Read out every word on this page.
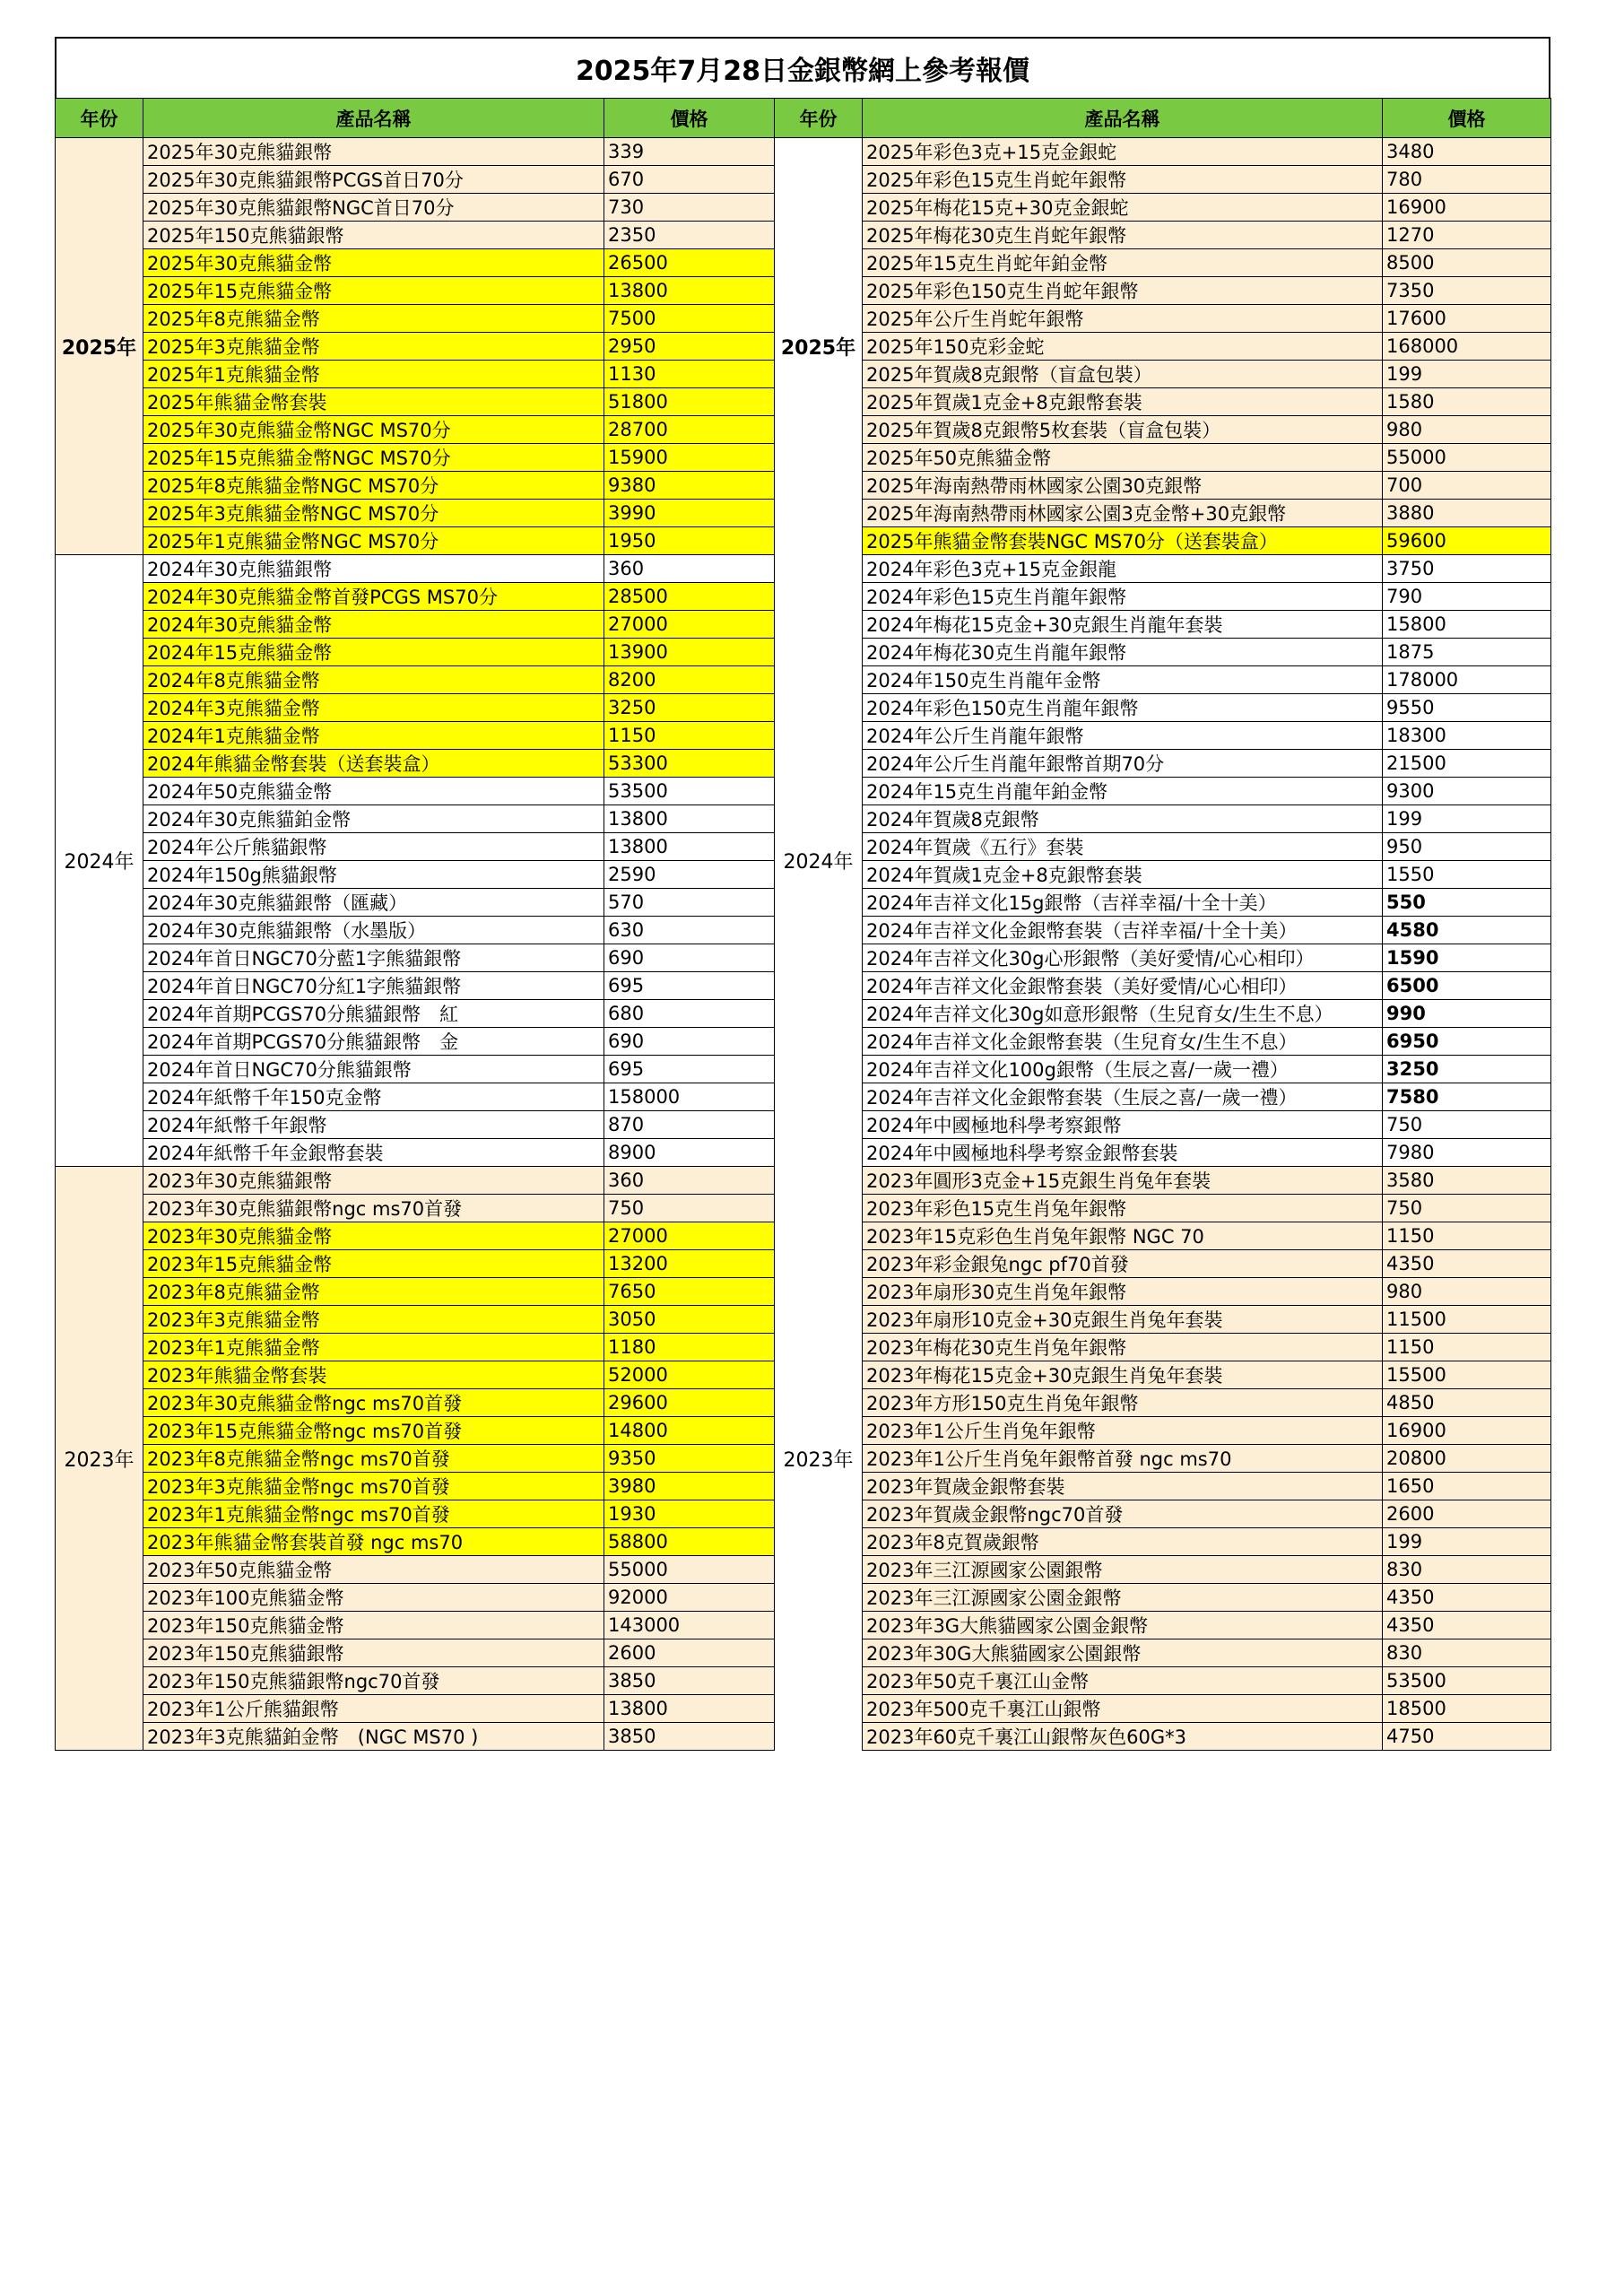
2025年7月28日金銀幣網上參考報價
年份	產品名稱	價格	年份	產品名稱	價格
2025年	2025年30克熊貓銀幣	339	2025年	2025年彩色3克+15克金銀蛇	3480
	2025年30克熊貓銀幣PCGS首日70分	670		2025年彩色15克生肖蛇年銀幣	780
	2025年30克熊貓銀幣NGC首日70分	730		2025年梅花15克+30克金銀蛇	16900
	2025年150克熊貓銀幣	2350		2025年梅花30克生肖蛇年銀幣	1270
	2025年30克熊貓金幣	26500		2025年15克生肖蛇年鉑金幣	8500
	2025年15克熊貓金幣	13800		2025年彩色150克生肖蛇年銀幣	7350
	2025年8克熊貓金幣	7500		2025年公斤生肖蛇年銀幣	17600
	2025年3克熊貓金幣	2950		2025年150克彩金蛇	168000
	2025年1克熊貓金幣	1130		2025年賀歲8克銀幣（盲盒包裝）	199
	2025年熊貓金幣套裝	51800		2025年賀歲1克金+8克銀幣套裝	1580
	2025年30克熊貓金幣NGC MS70分	28700		2025年賀歲8克銀幣5枚套裝（盲盒包裝）	980
	2025年15克熊貓金幣NGC MS70分	15900		2025年50克熊貓金幣	55000
	2025年8克熊貓金幣NGC MS70分	9380		2025年海南熱帶雨林國家公園30克銀幣	700
	2025年3克熊貓金幣NGC MS70分	3990		2025年海南熱帶雨林國家公園3克金幣+30克銀幣	3880
	2025年1克熊貓金幣NGC MS70分	1950		2025年熊貓金幣套裝NGC MS70分（送套裝盒）	59600
2024年	2024年30克熊貓銀幣	360	2024年	2024年彩色3克+15克金銀龍	3750
	2024年30克熊貓金幣首發PCGS MS70分	28500		2024年彩色15克生肖龍年銀幣	790
	2024年30克熊貓金幣	27000		2024年梅花15克金+30克銀生肖龍年套裝	15800
	2024年15克熊貓金幣	13900		2024年梅花30克生肖龍年銀幣	1875
	2024年8克熊貓金幣	8200		2024年150克生肖龍年金幣	178000
	2024年3克熊貓金幣	3250		2024年彩色150克生肖龍年銀幣	9550
	2024年1克熊貓金幣	1150		2024年公斤生肖龍年銀幣	18300
	2024年熊貓金幣套裝（送套裝盒）	53300		2024年公斤生肖龍年銀幣首期70分	21500
	2024年50克熊貓金幣	53500		2024年15克生肖龍年鉑金幣	9300
	2024年30克熊貓鉑金幣	13800		2024年賀歲8克銀幣	199
	2024年公斤熊貓銀幣	13800		2024年賀歲《五行》套裝	950
	2024年150g熊貓銀幣	2590		2024年賀歲1克金+8克銀幣套裝	1550
	2024年30克熊貓銀幣（匯藏）	570		2024年吉祥文化15g銀幣（吉祥幸福/十全十美）	550
	2024年30克熊貓銀幣（水墨版）	630		2024年吉祥文化金銀幣套裝（吉祥幸福/十全十美）	4580
	2024年首日NGC70分藍1字熊貓銀幣	690		2024年吉祥文化30g心形銀幣（美好愛情/心心相印）	1590
	2024年首日NGC70分紅1字熊貓銀幣	695		2024年吉祥文化金銀幣套裝（美好愛情/心心相印）	6500
	2024年首期PCGS70分熊貓銀幣　紅	680		2024年吉祥文化30g如意形銀幣（生兒育女/生生不息）	990
	2024年首期PCGS70分熊貓銀幣　金	690		2024年吉祥文化金銀幣套裝（生兒育女/生生不息）	6950
	2024年首日NGC70分熊貓銀幣	695		2024年吉祥文化100g銀幣（生辰之喜/一歲一禮）	3250
	2024年紙幣千年150克金幣	158000		2024年吉祥文化金銀幣套裝（生辰之喜/一歲一禮）	7580
	2024年紙幣千年銀幣	870		2024年中國極地科學考察銀幣	750
	2024年紙幣千年金銀幣套裝	8900		2024年中國極地科學考察金銀幣套裝	7980
2023年	2023年30克熊貓銀幣	360	2023年	2023年圓形3克金+15克銀生肖兔年套裝	3580
	2023年30克熊貓銀幣ngc ms70首發	750		2023年彩色15克生肖兔年銀幣	750
	2023年30克熊貓金幣	27000		2023年15克彩色生肖兔年銀幣 NGC 70	1150
	2023年15克熊貓金幣	13200		2023年彩金銀兔ngc pf70首發	4350
	2023年8克熊貓金幣	7650		2023年扇形30克生肖兔年銀幣	980
	2023年3克熊貓金幣	3050		2023年扇形10克金+30克銀生肖兔年套裝	11500
	2023年1克熊貓金幣	1180		2023年梅花30克生肖兔年銀幣	1150
	2023年熊貓金幣套裝	52000		2023年梅花15克金+30克銀生肖兔年套裝	15500
	2023年30克熊貓金幣ngc ms70首發	29600		2023年方形150克生肖兔年銀幣	4850
	2023年15克熊貓金幣ngc ms70首發	14800		2023年1公斤生肖兔年銀幣	16900
	2023年8克熊貓金幣ngc ms70首發	9350		2023年1公斤生肖兔年銀幣首發 ngc ms70	20800
	2023年3克熊貓金幣ngc ms70首發	3980		2023年賀歲金銀幣套裝	1650
	2023年1克熊貓金幣ngc ms70首發	1930		2023年賀歲金銀幣ngc70首發	2600
	2023年熊貓金幣套裝首發 ngc ms70	58800		2023年8克賀歲銀幣	199
	2023年50克熊貓金幣	55000		2023年三江源國家公園銀幣	830
	2023年100克熊貓金幣	92000		2023年三江源國家公園金銀幣	4350
	2023年150克熊貓金幣	143000		2023年3G大熊貓國家公園金銀幣	4350
	2023年150克熊貓銀幣	2600		2023年30G大熊貓國家公園銀幣	830
	2023年150克熊貓銀幣ngc70首發	3850		2023年50克千裏江山金幣	53500
	2023年1公斤熊貓銀幣	13800		2023年500克千裏江山銀幣	18500
	2023年3克熊貓鉑金幣　(NGC MS70 )	3850		2023年60克千裏江山銀幣灰色60G*3	4750
